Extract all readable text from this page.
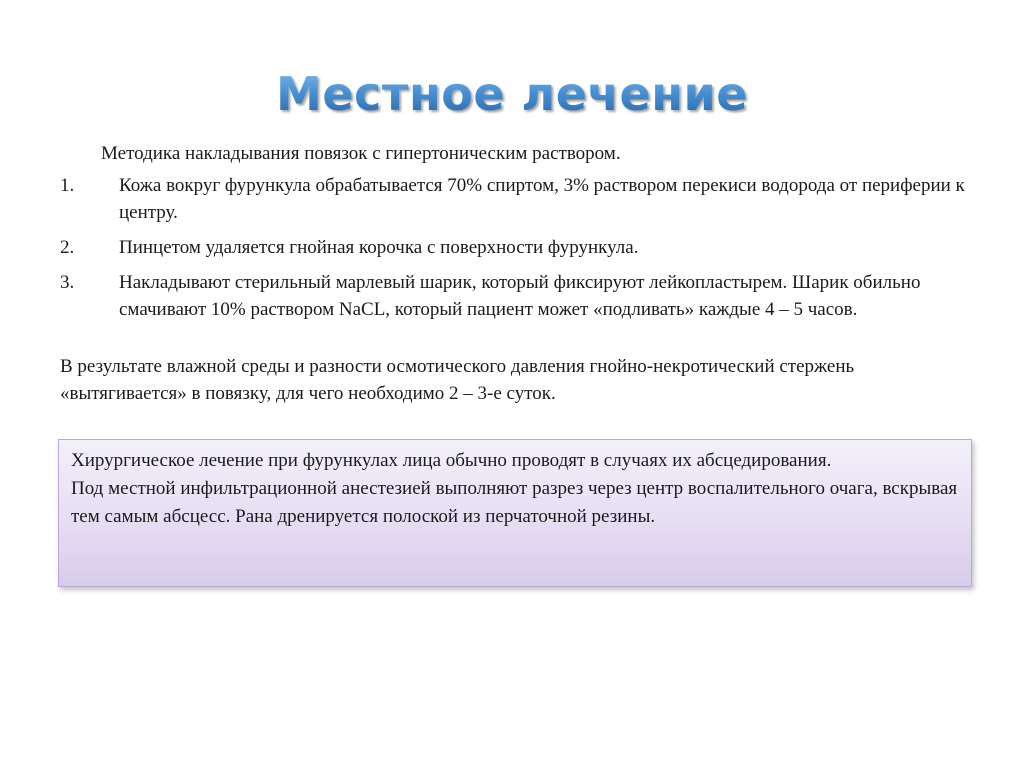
Местное лечение
Методика накладывания повязок с гипертоническим раствором.
1. Кожа вокруг фурункула обрабатывается 70% спиртом, 3% раствором перекиси водорода от периферии к центру.
2. Пинцетом удаляется гнойная корочка с поверхности фурункула.
3. Накладывают стерильный марлевый шарик, который фиксируют лейкопластырем. Шарик обильно смачивают 10% раствором NaCL, который пациент может «подливать» каждые 4 – 5 часов.
В результате влажной среды и разности осмотического давления гнойно-некротический стержень «вытягивается» в повязку, для чего необходимо 2 – 3-е суток.

Хирургическое лечение при фурункулах лица обычно проводят в случаях их абсцедирования.

Под местной инфильтрационной анестезией выполняют разрез через центр воспалительного очага, вскрывая тем самым абсцесс. Рана дренируется полоской из перчаточной резины.
